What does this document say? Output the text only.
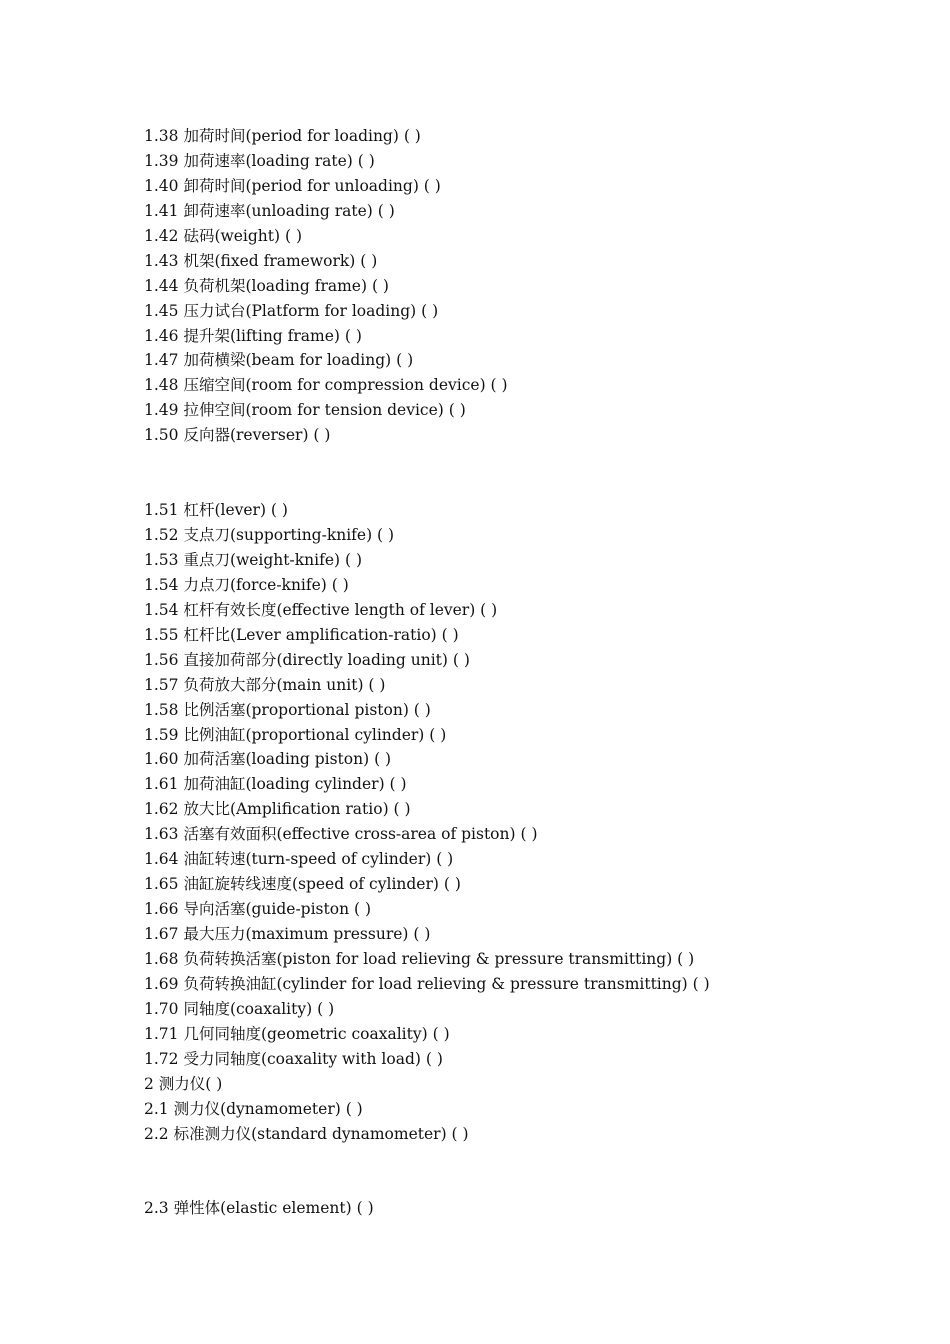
1.38 加荷时间(period for loading) ( )
1.39 加荷速率(loading rate) ( )
1.40 卸荷时间(period for unloading) ( )
1.41 卸荷速率(unloading rate) ( )
1.42 砝码(weight) ( )
1.43 机架(fixed framework) ( )
1.44 负荷机架(loading frame) ( )
1.45 压力试台(Platform for loading) ( )
1.46 提升架(lifting frame) ( )
1.47 加荷横梁(beam for loading) ( )
1.48 压缩空间(room for compression device) ( )
1.49 拉伸空间(room for tension device) ( )
1.50 反向器(reverser) ( )
1.51 杠杆(lever) ( )
1.52 支点刀(supporting-knife) ( )
1.53 重点刀(weight-knife) ( )
1.54 力点刀(force-knife) ( )
1.54 杠杆有效长度(effective length of lever) ( )
1.55 杠杆比(Lever amplification-ratio) ( )
1.56 直接加荷部分(directly loading unit) ( )
1.57 负荷放大部分(main unit) ( )
1.58 比例活塞(proportional piston) ( )
1.59 比例油缸(proportional cylinder) ( )
1.60 加荷活塞(loading piston) ( )
1.61 加荷油缸(loading cylinder) ( )
1.62 放大比(Amplification ratio) ( )
1.63 活塞有效面积(effective cross-area of piston) ( )
1.64 油缸转速(turn-speed of cylinder) ( )
1.65 油缸旋转线速度(speed of cylinder) ( )
1.66 导向活塞(guide-piston ( )
1.67 最大压力(maximum pressure) ( )
1.68 负荷转换活塞(piston for load relieving & pressure transmitting) ( )
1.69 负荷转换油缸(cylinder for load relieving & pressure transmitting) ( )
1.70 同轴度(coaxality) ( )
1.71 几何同轴度(geometric coaxality) ( )
1.72 受力同轴度(coaxality with load) ( )
2 测力仪( )
2.1 测力仪(dynamometer) ( )
2.2 标准测力仪(standard dynamometer) ( )
2.3 弹性体(elastic element) ( )
